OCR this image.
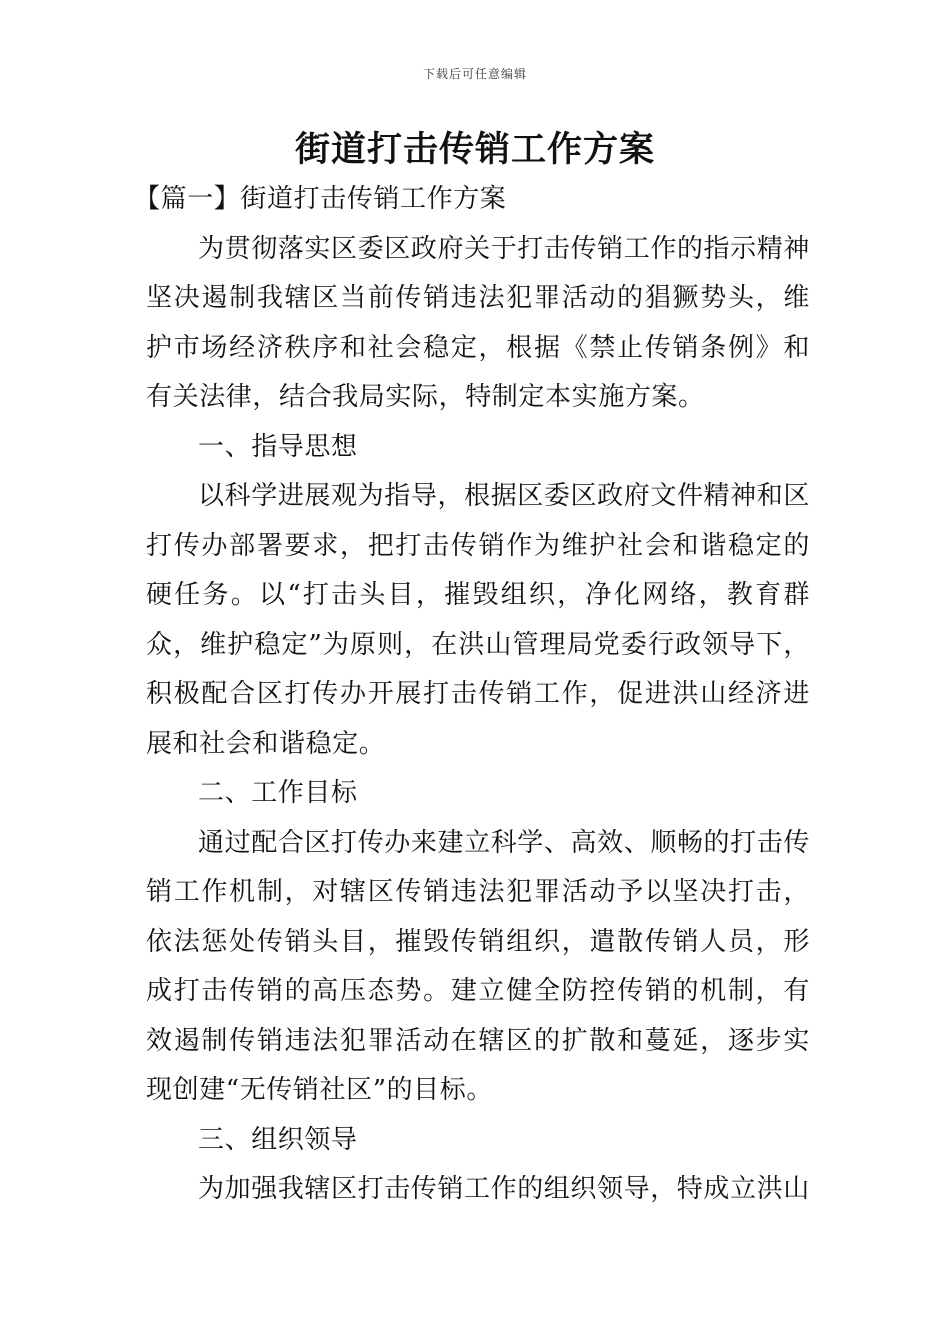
下载后可任意编辑
街道打击传销工作方案

【篇一】街道打击传销工作方案

为贯彻落实区委区政府关于打击传销工作的指示精神坚决遏制我辖区当前传销违法犯罪活动的猖獗势头，维护市场经济秩序和社会稳定，根据《禁止传销条例》和有关法律，结合我局实际，特制定本实施方案。

一、指导思想

以科学进展观为指导，根据区委区政府文件精神和区打传办部署要求，把打击传销作为维护社会和谐稳定的硬任务。以“打击头目，摧毁组织，净化网络，教育群众，维护稳定”为原则，在洪山管理局党委行政领导下，积极配合区打传办开展打击传销工作，促进洪山经济进展和社会和谐稳定。

二、工作目标

通过配合区打传办来建立科学、高效、顺畅的打击传销工作机制，对辖区传销违法犯罪活动予以坚决打击，依法惩处传销头目，摧毁传销组织，遣散传销人员，形成打击传销的高压态势。建立健全防控传销的机制，有效遏制传销违法犯罪活动在辖区的扩散和蔓延，逐步实现创建“无传销社区”的目标。

三、组织领导

为加强我辖区打击传销工作的组织领导，特成立洪山
